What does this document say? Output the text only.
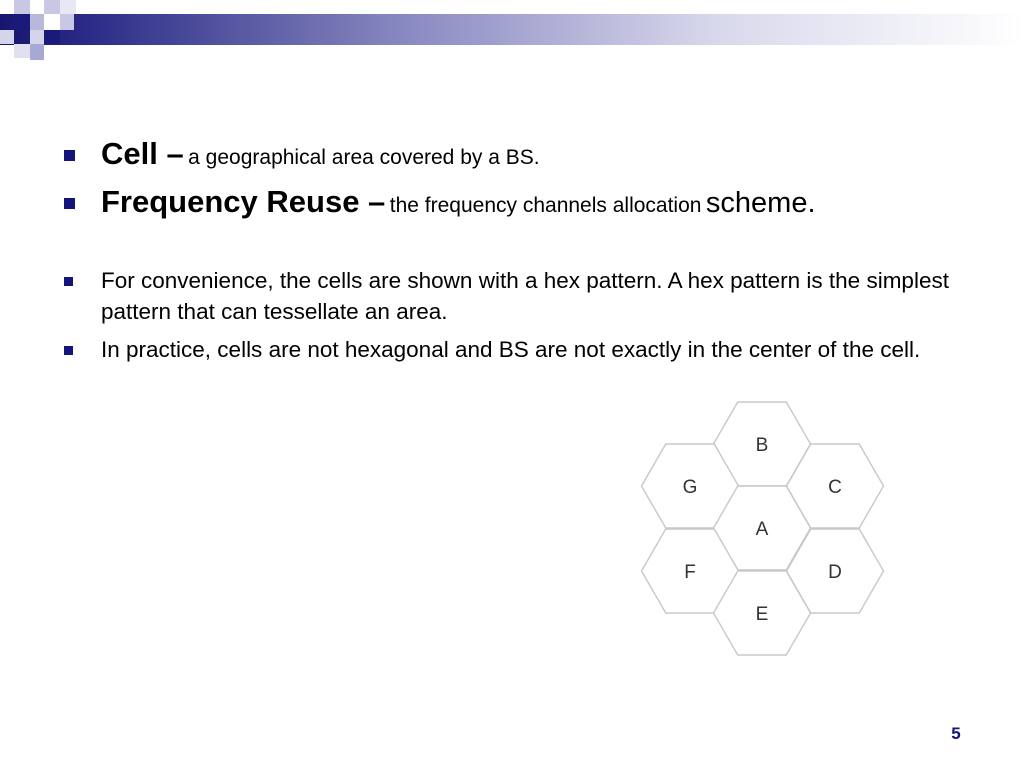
Cell – a geographical area covered by a BS.
Frequency Reuse – the frequency channels allocation scheme.
For convenience, the cells are shown with a hex pattern. A hex pattern is the simplest pattern that can tessellate an area.
In practice, cells are not hexagonal and BS are not exactly in the center of the cell.
B
G	C
A
F	D
E
5
